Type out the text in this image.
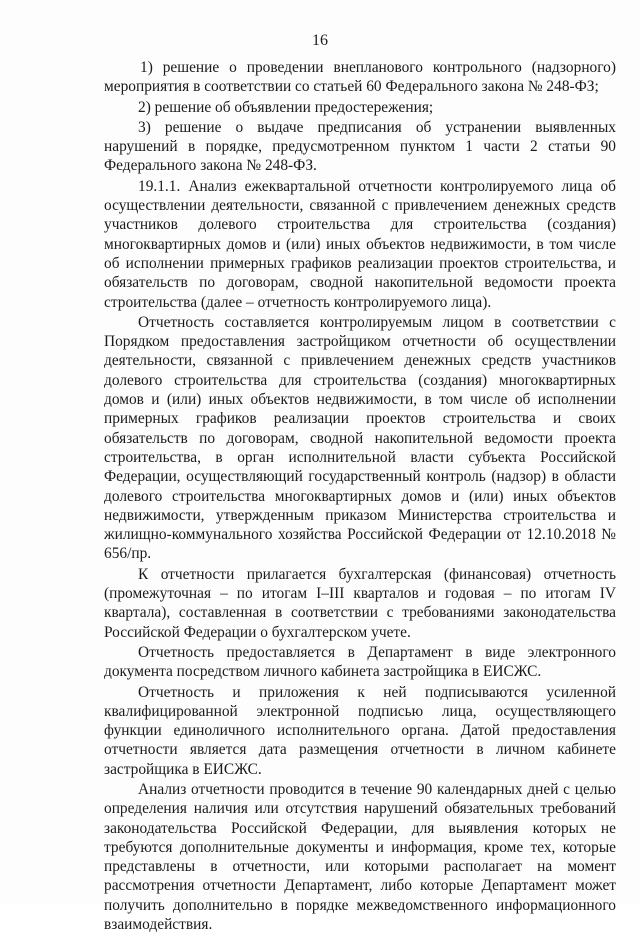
16

1) решение о проведении внепланового контрольного (надзорного) мероприятия в соответствии со статьей 60 Федерального закона № 248-ФЗ;

2) решение об объявлении предостережения;

3) решение о выдаче предписания об устранении выявленных нарушений в порядке, предусмотренном пунктом 1 части 2 статьи 90 Федерального закона № 248-ФЗ.

19.1.1. Анализ ежеквартальной отчетности контролируемого лица об осуществлении деятельности, связанной с привлечением денежных средств участников долевого строительства для строительства (создания) многоквартирных домов и (или) иных объектов недвижимости, в том числе об исполнении примерных графиков реализации проектов строительства, и обязательств по договорам, сводной накопительной ведомости проекта строительства (далее – отчетность контролируемого лица).

Отчетность составляется контролируемым лицом в соответствии с Порядком предоставления застройщиком отчетности об осуществлении деятельности, связанной с привлечением денежных средств участников долевого строительства для строительства (создания) многоквартирных домов и (или) иных объектов недвижимости, в том числе об исполнении примерных графиков реализации проектов строительства и своих обязательств по договорам, сводной накопительной ведомости проекта строительства, в орган исполнительной власти субъекта Российской Федерации, осуществляющий государственный контроль (надзор) в области долевого строительства многоквартирных домов и (или) иных объектов недвижимости, утвержденным приказом Министерства строительства и жилищно-коммунального хозяйства Российской Федерации от 12.10.2018 № 656/пр.

К отчетности прилагается бухгалтерская (финансовая) отчетность (промежуточная – по итогам I–III кварталов и годовая – по итогам IV квартала), составленная в соответствии с требованиями законодательства Российской Федерации о бухгалтерском учете.

Отчетность предоставляется в Департамент в виде электронного документа посредством личного кабинета застройщика в ЕИСЖС.

Отчетность и приложения к ней подписываются усиленной квалифицированной электронной подписью лица, осуществляющего функции единоличного исполнительного органа. Датой предоставления отчетности является дата размещения отчетности в личном кабинете застройщика в ЕИСЖС.

Анализ отчетности проводится в течение 90 календарных дней с целью определения наличия или отсутствия нарушений обязательных требований законодательства Российской Федерации, для выявления которых не требуются дополнительные документы и информация, кроме тех, которые представлены в отчетности, или которыми располагает на момент рассмотрения отчетности Департамент, либо которые Департамент может получить дополнительно в порядке межведомственного информационного взаимодействия.
